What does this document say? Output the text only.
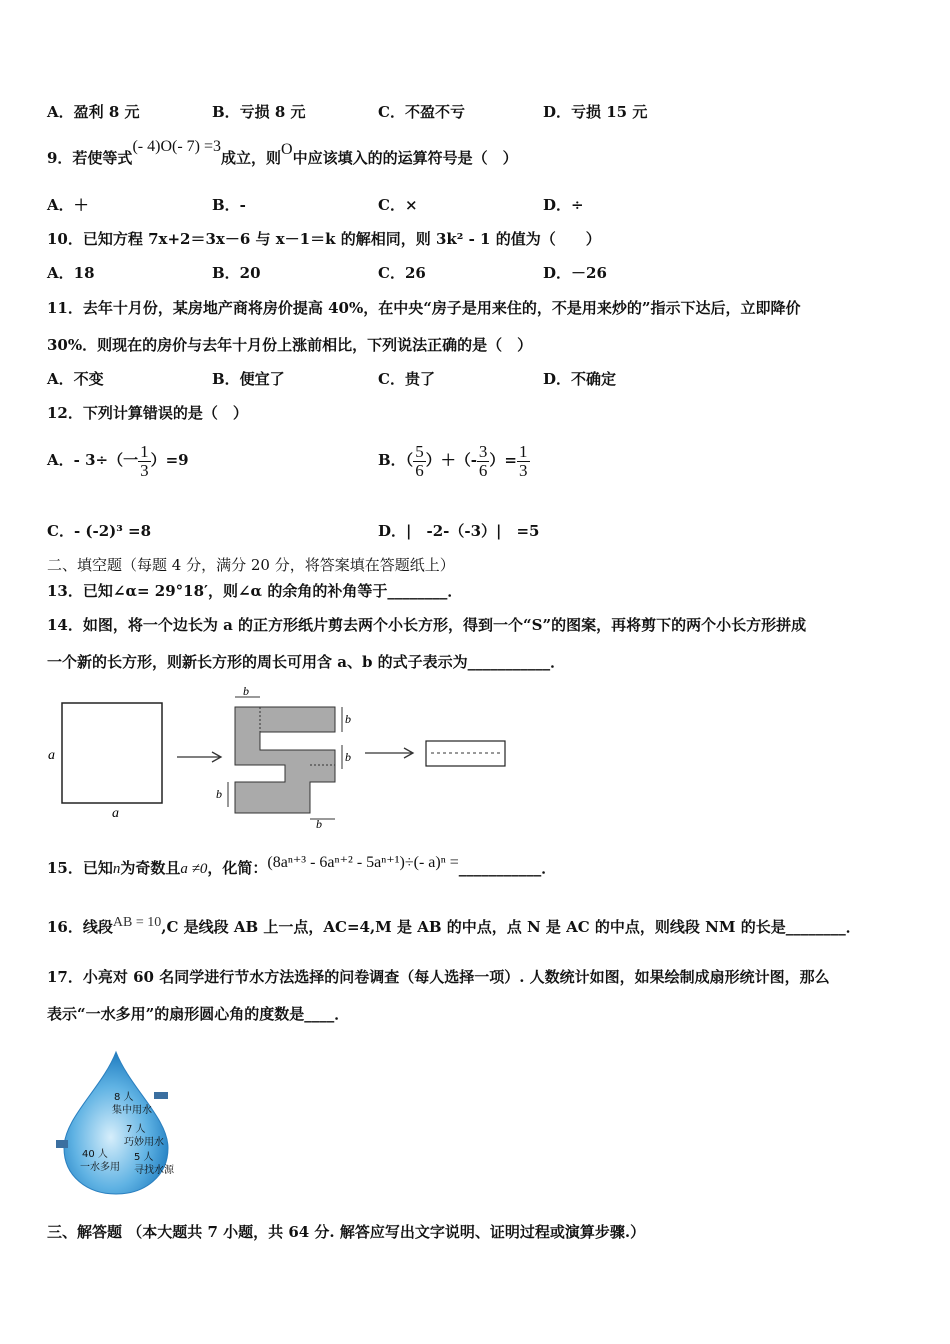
A．盈利 8 元	B．亏损 8 元	C．不盈不亏	D．亏损 15 元
9．若使等式(- 4)O(- 7) =3成立，则O中应该填入的的运算符号是（　）
A．＋	B．-	C．×	D．÷
10．已知方程 7x+2＝3x－6 与 x－1＝k 的解相同，则 3k² - 1 的值为（　　）
A．18	B．20	C．26	D．－26
11．去年十月份，某房地产商将房价提高 40%，在中央“房子是用来住的，不是用来炒的”指示下达后，立即降价
30%．则现在的房价与去年十月份上涨前相比，下列说法正确的是（　）
A．不变	B．便宜了	C．贵了	D．不确定
12．下列计算错误的是（　）
A．- 3÷（一 $\frac{1}{3} )=9$	B．（ $\frac{5}{6}$ ）＋（- $\frac{3}{6}$ ）= $\frac{1}{3}$
C．- (-2)³ =8	D．|　-2-（-3）|　=5
二、填空题（每题 4 分，满分 20 分，将答案填在答题纸上）
13．已知∠α= 29°18′，则∠α 的余角的补角等于________．
14．如图，将一个边长为 a 的正方形纸片剪去两个小长方形，得到一个“S”的图案，再将剪下的两个小长方形拼成
一个新的长方形，则新长方形的周长可用含 a、b 的式子表示为___________．
a
a
b
b
b
b
b
15．已知n为奇数且a ≠0，化简：(8aⁿ⁺³ - 6aⁿ⁺² - 5aⁿ⁺¹)÷(- a)ⁿ =___________．
16．线段AB = 10,C 是线段 AB 上一点，AC=4,M 是 AB 的中点，点 N 是 AC 的中点，则线段 NM 的长是________．
17．小亮对 60 名同学进行节水方法选择的问卷调查（每人选择一项）. 人数统计如图，如果绘制成扇形统计图，那么
表示“一水多用”的扇形圆心角的度数是____．
8 人
集中用水
7 人
巧妙用水
40 人
一水多用
5 人
寻找水源
三、解答题 （本大题共 7 小题，共 64 分. 解答应写出文字说明、证明过程或演算步骤.）
